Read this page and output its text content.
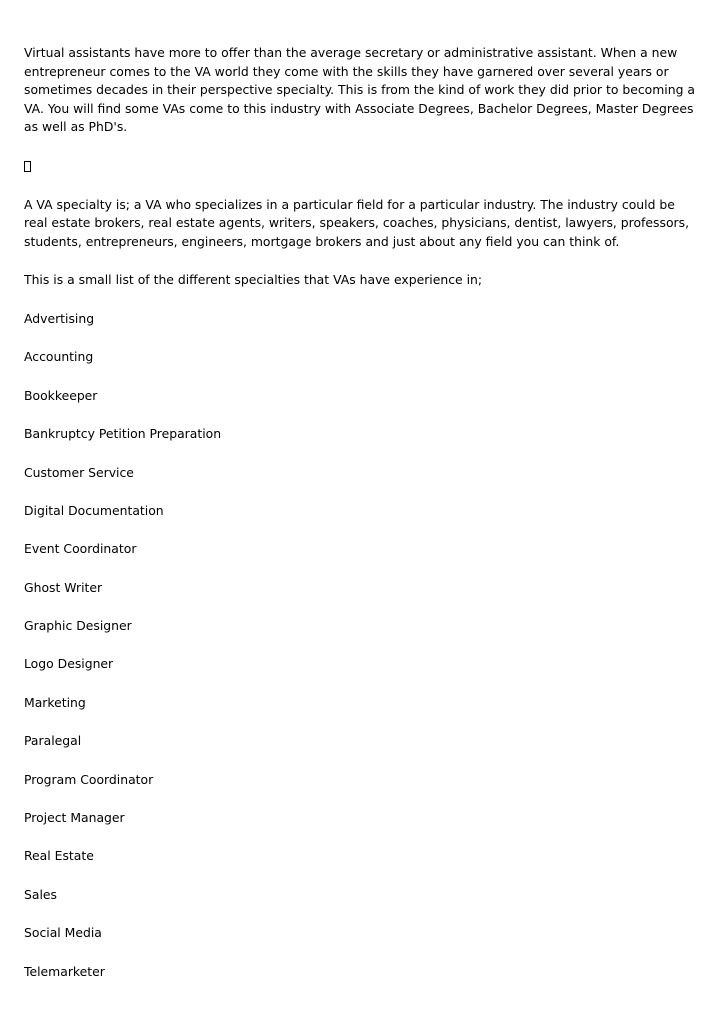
Virtual assistants have more to offer than the average secretary or administrative assistant. When a new entrepreneur comes to the VA world they come with the skills they have garnered over several years or sometimes decades in their perspective specialty. This is from the kind of work they did prior to becoming a VA. You will find some VAs come to this industry with Associate Degrees, Bachelor Degrees, Master Degrees as well as PhD's.

A VA specialty is; a VA who specializes in a particular field for a particular industry. The industry could be real estate brokers, real estate agents, writers, speakers, coaches, physicians, dentist, lawyers, professors, students, entrepreneurs, engineers, mortgage brokers and just about any field you can think of.

This is a small list of the different specialties that VAs have experience in;

Advertising
Accounting
Bookkeeper
Bankruptcy Petition Preparation
Customer Service
Digital Documentation
Event Coordinator
Ghost Writer
Graphic Designer
Logo Designer
Marketing
Paralegal
Program Coordinator
Project Manager
Real Estate
Sales
Social Media
Telemarketer
